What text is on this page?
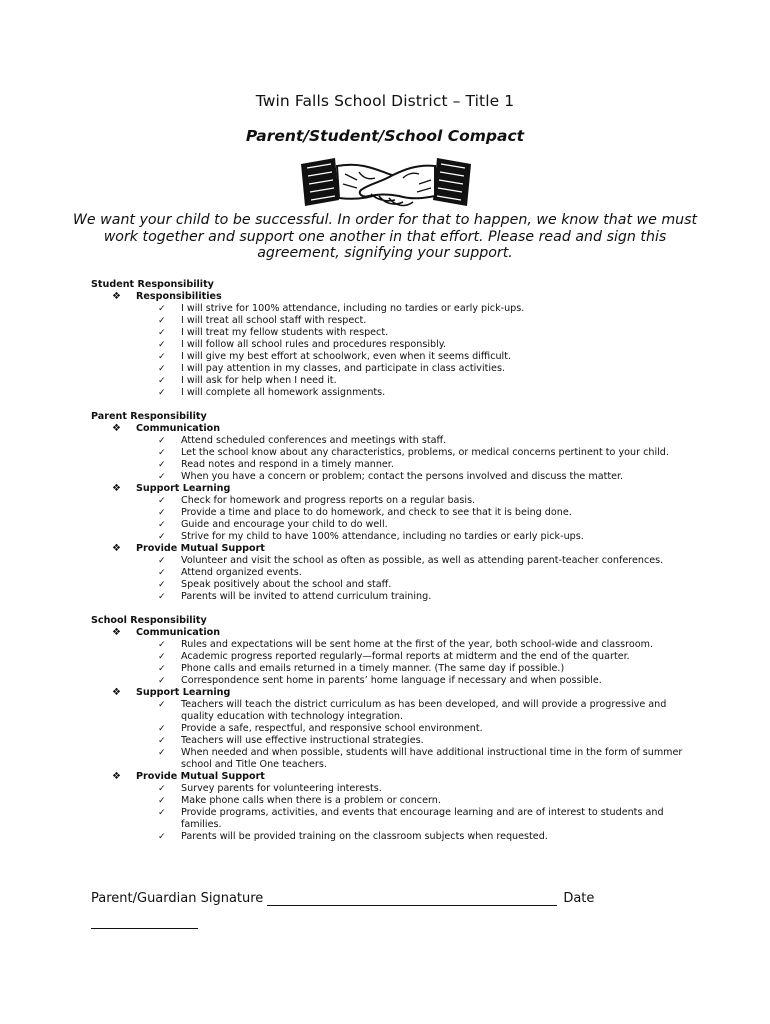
Twin Falls School District – Title 1
Parent/Student/School Compact
We want your child to be successful. In order for that to happen, we know that we must work together and support one another in that effort. Please read and sign this agreement, signifying your support.
Student Responsibility
❖ Responsibilities
✓ I will strive for 100% attendance, including no tardies or early pick-ups.
✓ I will treat all school staff with respect.
✓ I will treat my fellow students with respect.
✓ I will follow all school rules and procedures responsibly.
✓ I will give my best effort at schoolwork, even when it seems difficult.
✓ I will pay attention in my classes, and participate in class activities.
✓ I will ask for help when I need it.
✓ I will complete all homework assignments.
Parent Responsibility
❖ Communication
✓ Attend scheduled conferences and meetings with staff.
✓ Let the school know about any characteristics, problems, or medical concerns pertinent to your child.
✓ Read notes and respond in a timely manner.
✓ When you have a concern or problem; contact the persons involved and discuss the matter.
❖ Support Learning
✓ Check for homework and progress reports on a regular basis.
✓ Provide a time and place to do homework, and check to see that it is being done.
✓ Guide and encourage your child to do well.
✓ Strive for my child to have 100% attendance, including no tardies or early pick-ups.
❖ Provide Mutual Support
✓ Volunteer and visit the school as often as possible, as well as attending parent-teacher conferences.
✓ Attend organized events.
✓ Speak positively about the school and staff.
✓ Parents will be invited to attend curriculum training.
School Responsibility
❖ Communication
✓ Rules and expectations will be sent home at the first of the year, both school-wide and classroom.
✓ Academic progress reported regularly—formal reports at midterm and the end of the quarter.
✓ Phone calls and emails returned in a timely manner. (The same day if possible.)
✓ Correspondence sent home in parents’ home language if necessary and when possible.
❖ Support Learning
✓ Teachers will teach the district curriculum as has been developed, and will provide a progressive and quality education with technology integration.
✓ Provide a safe, respectful, and responsive school environment.
✓ Teachers will use effective instructional strategies.
✓ When needed and when possible, students will have additional instructional time in the form of summer school and Title One teachers.
❖ Provide Mutual Support
✓ Survey parents for volunteering interests.
✓ Make phone calls when there is a problem or concern.
✓ Provide programs, activities, and events that encourage learning and are of interest to students and families.
✓ Parents will be provided training on the classroom subjects when requested.
Parent/Guardian Signature	Date
